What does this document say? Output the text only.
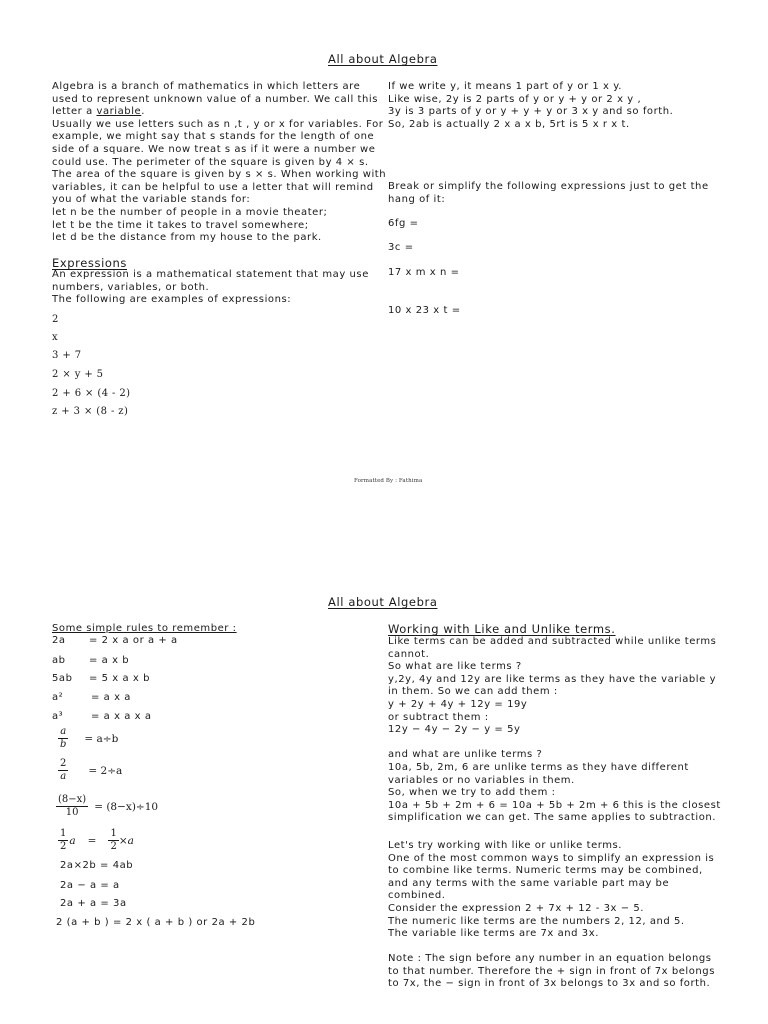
All about Algebra
Algebra is a branch of mathematics in which letters are
used to represent unknown value of a number. We call this
letter a variable.
Usually we use letters such as n ,t , y or x for variables. For
example, we might say that s stands for the length of one
side of a square. We now treat s as if it were a number we
could use. The perimeter of the square is given by 4 × s.
The area of the square is given by s × s. When working with
variables, it can be helpful to use a letter that will remind
you of what the variable stands for:
let n be the number of people in a movie theater;
let t be the time it takes to travel somewhere;
let d be the distance from my house to the park.
Expressions
An expression is a mathematical statement that may use
numbers, variables, or both.
The following are examples of expressions:
2
x
3 + 7
2 × y + 5
2 + 6 × (4 - 2)
z + 3 × (8 - z)
If we write y, it means 1 part of y or 1 x y.
Like wise, 2y is 2 parts of y or y + y or 2 x y ,
3y is 3 parts of y or y + y + y or 3 x y and so forth.
So, 2ab is actually 2 x a x b, 5rt is 5 x r x t.
Break or simplify the following expressions just to get the
hang of it:
6fg =
3c =
17 x m x n =
10 x 23 x t =
Formatted By : Fathima
All about Algebra
Some simple rules to remember :
2a = 2 x a or a + a
ab = a x b
5ab = 5 x a x b
a²	= a x a
a³	= a x a x a
$\frac{a}{b} = a\div b$
$\frac{2}{a} = 2\div a$
$\frac{(8-x)}{10} = (8-x)\div 10$
$\frac{1}{2}$ $a = \frac{1}{2} \times a$
2a×2b = 4ab
2a − a = a
2a + a = 3a
2 (a + b ) = 2 x ( a + b ) or 2a + 2b
Working with Like and Unlike terms.
Like terms can be added and subtracted while unlike terms
cannot.
So what are like terms ?
y,2y, 4y and 12y are like terms as they have the variable y
in them. So we can add them :
y + 2y + 4y + 12y = 19y
or subtract them :
12y − 4y − 2y − y = 5y
and what are unlike terms ?
10a, 5b, 2m, 6 are unlike terms as they have different
variables or no variables in them.
So, when we try to add them :
10a + 5b + 2m + 6 = 10a + 5b + 2m + 6 this is the closest
simplification we can get. The same applies to subtraction.
Let's try working with like or unlike terms.
One of the most common ways to simplify an expression is
to combine like terms. Numeric terms may be combined,
and any terms with the same variable part may be
combined.
Consider the expression 2 + 7x + 12 - 3x − 5.
The numeric like terms are the numbers 2, 12, and 5.
The variable like terms are 7x and 3x.
Note : The sign before any number in an equation belongs
to that number. Therefore the + sign in front of 7x belongs
to 7x, the − sign in front of 3x belongs to 3x and so forth.
